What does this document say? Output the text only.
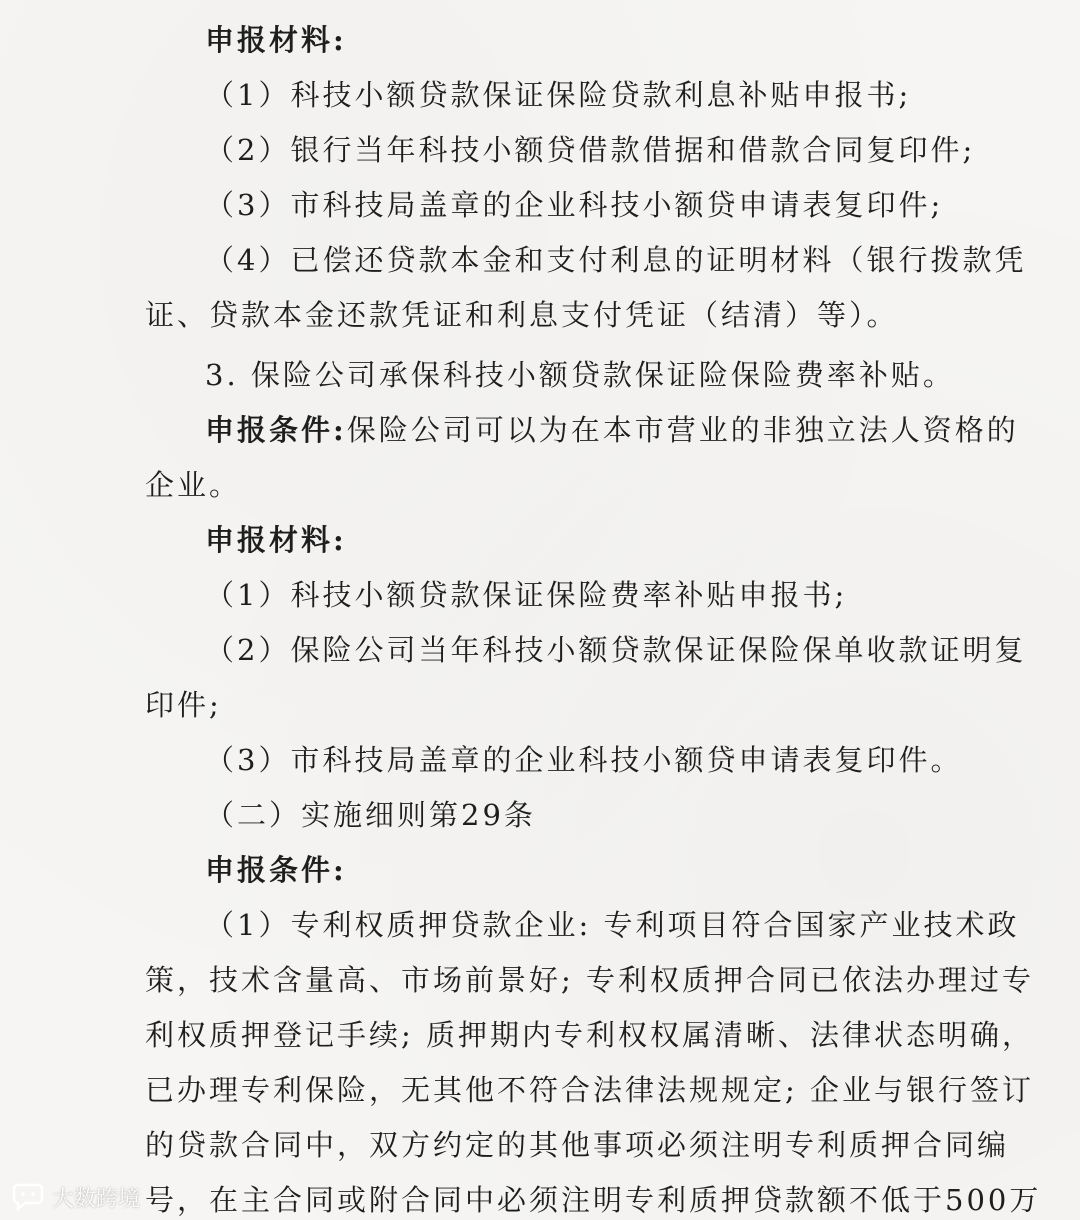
申报材料:
（1）科技小额贷款保证保险贷款利息补贴申报书;
（2）银行当年科技小额贷借款借据和借款合同复印件;
（3）市科技局盖章的企业科技小额贷申请表复印件;
（4）已偿还贷款本金和支付利息的证明材料（银行拨款凭
证、贷款本金还款凭证和利息支付凭证（结清）等）。
3. 保险公司承保科技小额贷款保证险保险费率补贴。
申报条件:保险公司可以为在本市营业的非独立法人资格的
企业。
申报材料:
（1）科技小额贷款保证保险费率补贴申报书;
（2）保险公司当年科技小额贷款保证保险保单收款证明复
印件;
（3）市科技局盖章的企业科技小额贷申请表复印件。
（二）实施细则第29条
申报条件:
（1）专利权质押贷款企业: 专利项目符合国家产业技术政
策，技术含量高、市场前景好; 专利权质押合同已依法办理过专
利权质押登记手续; 质押期内专利权权属清晰、法律状态明确，
已办理专利保险，无其他不符合法律法规规定; 企业与银行签订
的贷款合同中，双方约定的其他事项必须注明专利质押合同编
号，在主合同或附合同中必须注明专利质押贷款额不低于500万
大数跨境
